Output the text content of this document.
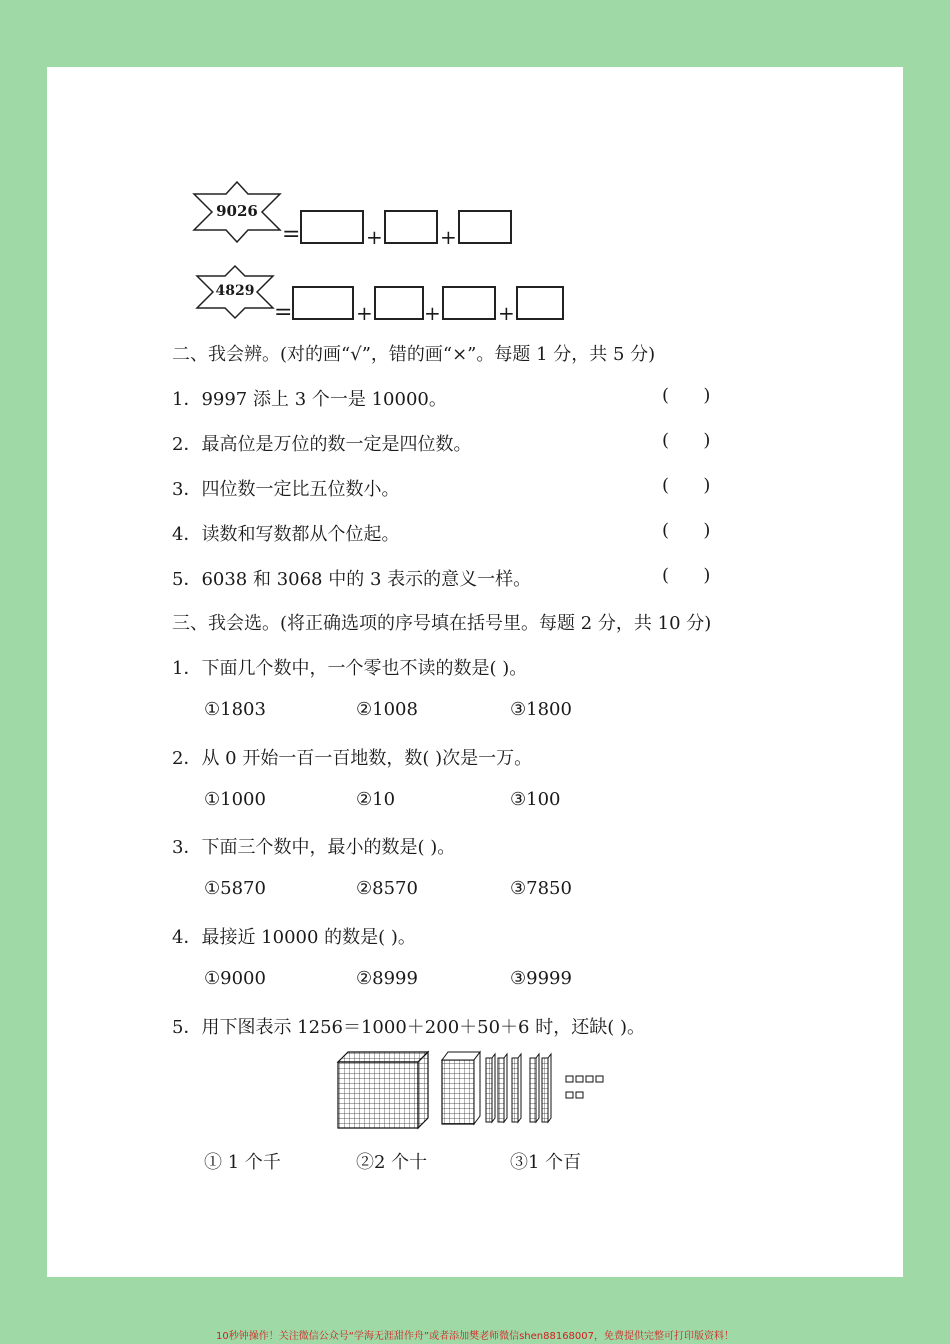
9026
=	+	+
4829
=	+	+	+
二、我会辨。(对的画“√”，错的画“×”。每题 1 分，共 5 分)
1．9997 添上 3 个一是 10000。	(      )
2．最高位是万位的数一定是四位数。	(      )
3．四位数一定比五位数小。	(      )
4．读数和写数都从个位起。	(      )
5．6038 和 3068 中的 3 表示的意义一样。	(      )
三、我会选。(将正确选项的序号填在括号里。每题 2 分，共 10 分)
1．下面几个数中，一个零也不读的数是( )。
①1803	②1008	③1800
2．从 0 开始一百一百地数，数( )次是一万。
①1000	②10	③100
3．下面三个数中，最小的数是( )。
①5870	②8570	③7850
4．最接近 10000 的数是( )。
①9000	②8999	③9999
5．用下图表示 1256＝1000＋200＋50＋6 时，还缺( )。
① 1 个千	②2 个十	③1 个百
10秒钟操作！关注微信公众号“学海无涯甜作舟”或者添加樊老师微信shen88168007，免费提供完整可打印版资料！
